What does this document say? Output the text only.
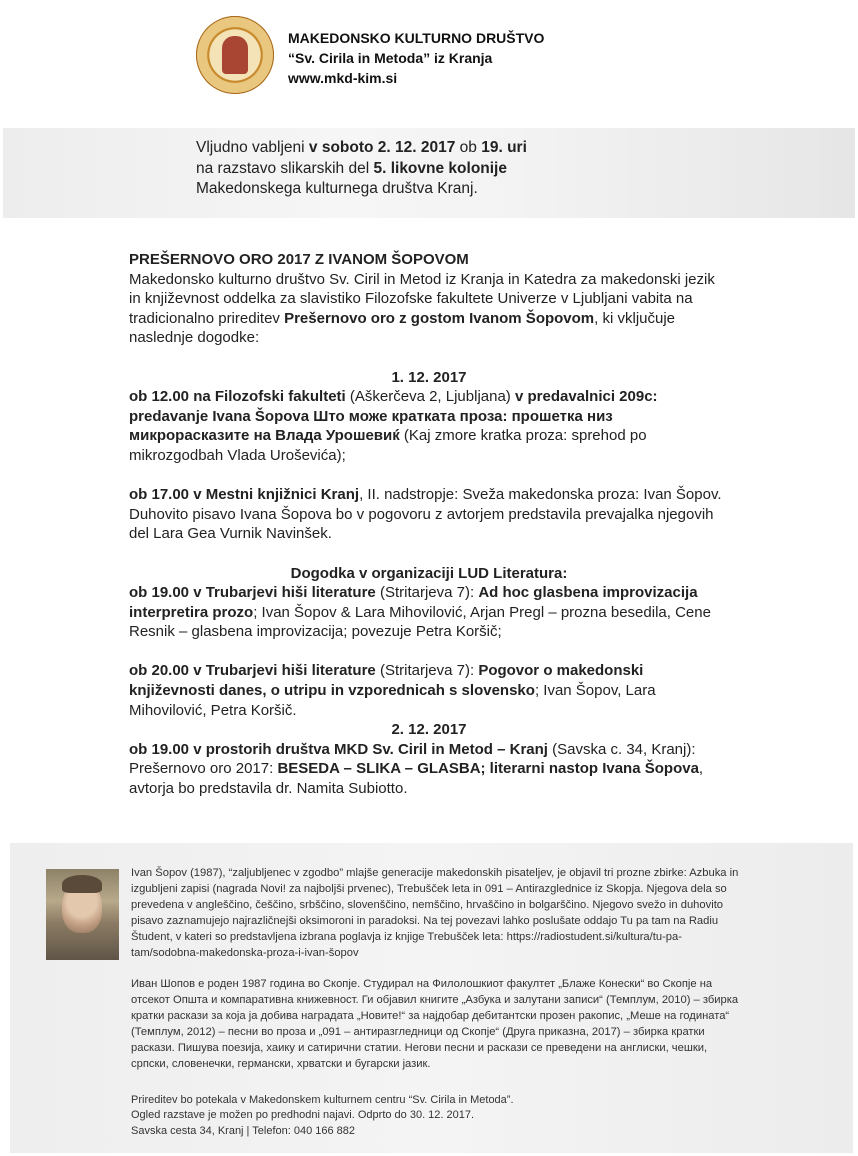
MAKEDONSKO KULTURNO DRUŠTVO
“Sv. Cirila in Metoda” iz Kranja
www.mkd-kim.si
Vljudno vabljeni v soboto 2. 12. 2017 ob 19. uri
na razstavo slikarskih del 5. likovne kolonije
Makedonskega kulturnega društva Kranj.

PREŠERNOVO ORO 2017 Z IVANOM ŠOPOVOM

Makedonsko kulturno društvo Sv. Ciril in Metod iz Kranja in Katedra za makedonski jezik in književnost oddelka za slavistiko Filozofske fakultete Univerze v Ljubljani vabita na tradicionalno prireditev Prešernovo oro z gostom Ivanom Šopovom, ki vključuje naslednje dogodke:

1. 12. 2017

ob 12.00 na Filozofski fakulteti (Aškerčeva 2, Ljubljana) v predavalnici 209c: predavanje Ivana Šopova Што може кратката проза: прошетка низ микрорасказите на Влада Урошевиќ (Kaj zmore kratka proza: sprehod po mikrozgodbah Vlada Uroševića);

ob 17.00 v Mestni knjižnici Kranj, II. nadstropje: Sveža makedonska proza: Ivan Šopov. Duhovito pisavo Ivana Šopova bo v pogovoru z avtorjem predstavila prevajalka njegovih del Lara Gea Vurnik Navinšek.

Dogodka v organizaciji LUD Literatura:

ob 19.00 v Trubarjevi hiši literature (Stritarjeva 7): Ad hoc glasbena improvizacija interpretira prozo; Ivan Šopov & Lara Mihovilović, Arjan Pregl – prozna besedila, Cene Resnik – glasbena improvizacija; povezuje Petra Koršič;

ob 20.00 v Trubarjevi hiši literature (Stritarjeva 7): Pogovor o makedonski književnosti danes, o utripu in vzporednicah s slovensko; Ivan Šopov, Lara Mihovilović, Petra Koršič.

2. 12. 2017

ob 19.00 v prostorih društva MKD Sv. Ciril in Metod – Kranj (Savska c. 34, Kranj): Prešernovo oro 2017: BESEDA – SLIKA – GLASBA; literarni nastop Ivana Šopova, avtorja bo predstavila dr. Namita Subiotto.

Ivan Šopov (1987), “zaljubljenec v zgodbo” mlajše generacije makedonskih pisateljev, je objavil tri prozne zbirke: Azbuka in izgubljeni zapisi (nagrada Novi! za najboljši prvenec), Trebušček leta in 091 – Antirazglednice iz Skopja. Njegova dela so prevedena v angleščino, češčino, srbščino, slovenščino, nemščino, hrvaščino in bolgarščino. Njegovo svežo in duhovito pisavo zaznamujejo najrazličnejši oksimoroni in paradoksi. Na tej povezavi lahko poslušate oddajo Tu pa tam na Radiu Študent, v kateri so predstavljena izbrana poglavja iz knjige Trebušček leta: https://radiostudent.si/kultura/tu-pa-tam/sodobna-makedonska-proza-i-ivan-šopov
Иван Шопов е роден 1987 година во Скопје. Студирал на Филолошкиот факултет „Блаже Конески“ во Скопје на отсекот Општа и компаративна книжевност. Ги објавил книгите „Азбука и залутани записи“ (Темплум, 2010) – збирка кратки раскази за која ја добива наградата „Новите!“ за најдобар дебитантски прозен ракопис, „Меше на годината“ (Темплум, 2012) – песни во проза и „091 – антиразгледници од Скопје“ (Друга приказна, 2017) – збирка кратки раскази. Пишува поезија, хаику и сатирични статии. Негови песни и раскази се преведени на англиски, чешки, српски, словенечки, германски, хрватски и бугарски јазик.
Prireditev bo potekala v Makedonskem kulturnem centru “Sv. Cirila in Metoda”.
Ogled razstave je možen po predhodni najavi. Odprto do 30. 12. 2017.
Savska cesta 34, Kranj | Telefon: 040 166 882
